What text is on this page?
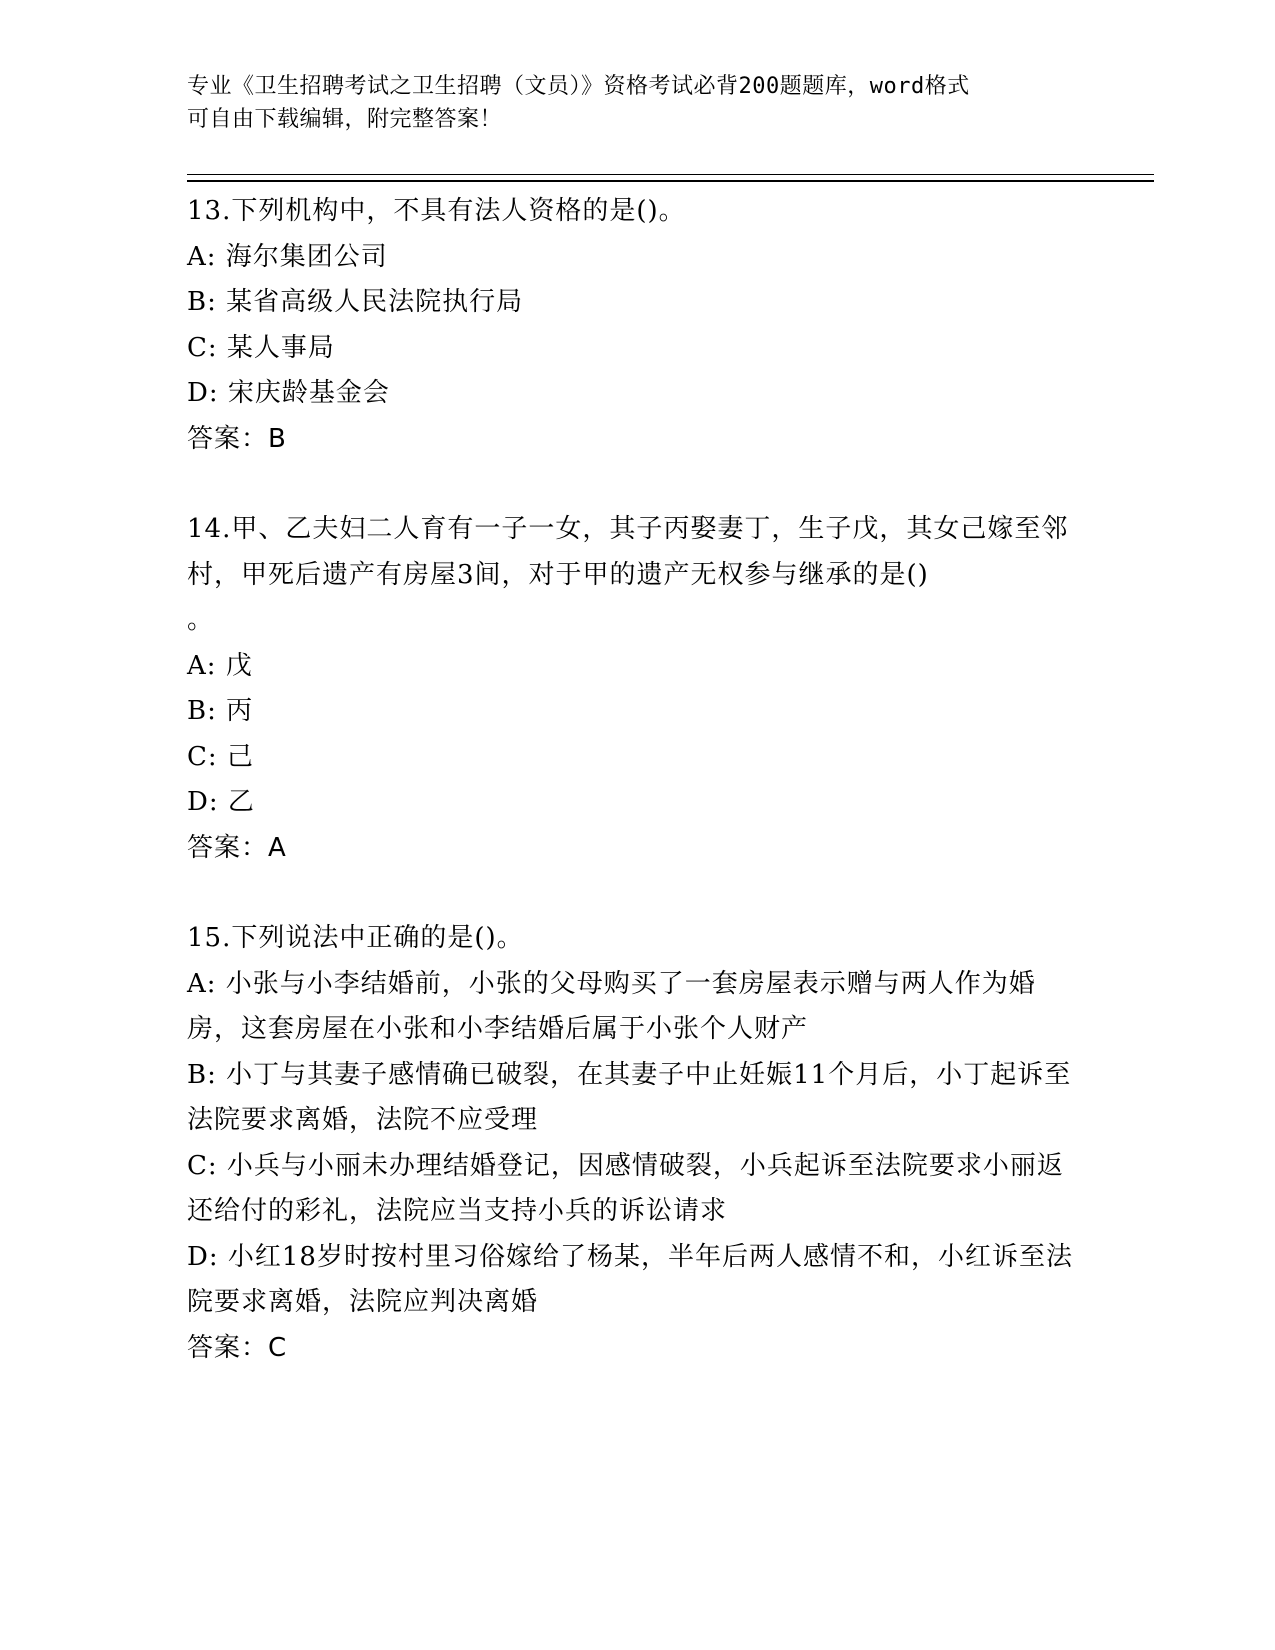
专业《卫生招聘考试之卫生招聘（文员）》资格考试必背200题题库，word格式
可自由下载编辑，附完整答案！

13.下列机构中，不具有法人资格的是()。

A: 海尔集团公司

B: 某省高级人民法院执行局

C: 某人事局

D: 宋庆龄基金会

答案：B

14.甲、乙夫妇二人育有一子一女，其子丙娶妻丁，生子戊，其女己嫁至邻村，甲死后遗产有房屋3间，对于甲的遗产无权参与继承的是()
。

A: 戊

B: 丙

C: 己

D: 乙

答案：A

15.下列说法中正确的是()。

A: 小张与小李结婚前，小张的父母购买了一套房屋表示赠与两人作为婚房，这套房屋在小张和小李结婚后属于小张个人财产

B: 小丁与其妻子感情确已破裂，在其妻子中止妊娠11个月后，小丁起诉至法院要求离婚，法院不应受理

C: 小兵与小丽未办理结婚登记，因感情破裂，小兵起诉至法院要求小丽返还给付的彩礼，法院应当支持小兵的诉讼请求

D: 小红18岁时按村里习俗嫁给了杨某，半年后两人感情不和，小红诉至法院要求离婚，法院应判决离婚

答案：C
